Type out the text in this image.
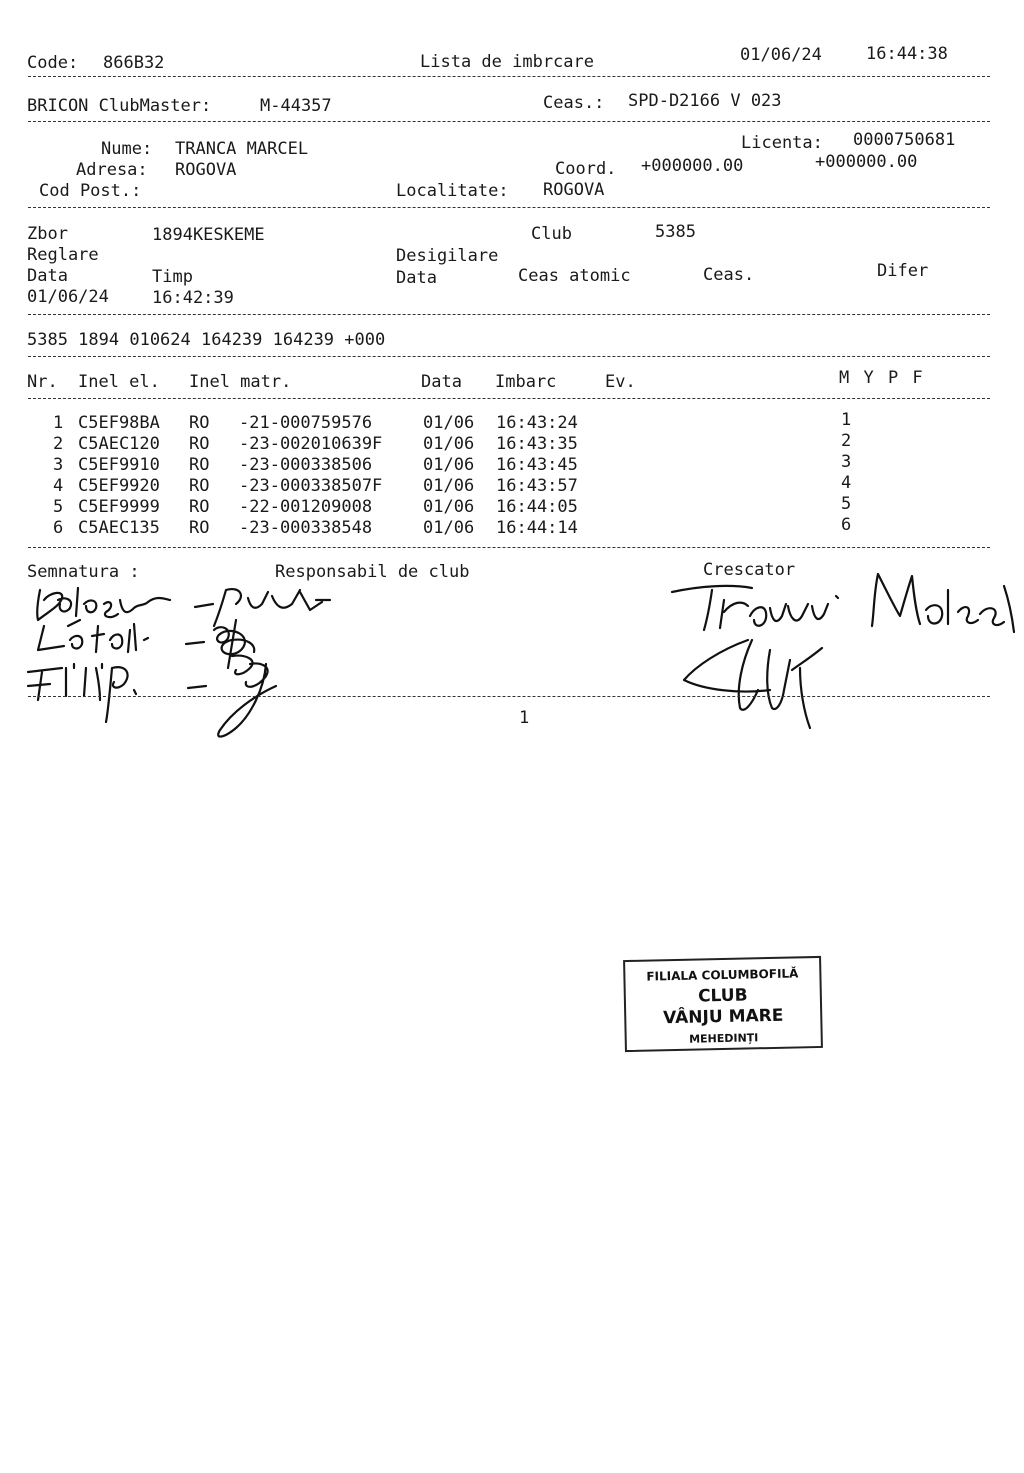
Code: 866B32	Lista de imbrcare	01/06/24	16:44:38
BRICON ClubMaster:	M-44357	Ceas.: SPD-D2166 V 023
Nume: TRANCA MARCEL	Licenta: 0000750681
Adresa: ROGOVA	Coord. +000000.00	+000000.00
Cod Post.:	Localitate: ROGOVA
Zbor	1894KESKEME	Club	5385
Reglare	Desigilare
Data	Timp	Data	Ceas atomic	Ceas.	Difer
01/06/24	16:42:39
5385 1894 010624 164239 164239 +000
Nr. Inel el. Inel matr.	Data Imbarc	Ev.	M Y P F
1 C5EF98BA RO -21-000759576	01/06 16:43:24	1
2 C5AEC120 RO -23-002010639F 01/06 16:43:35	2
3 C5EF9910 RO -23-000338506	01/06 16:43:45	3
4 C5EF9920 RO -23-000338507F 01/06 16:43:57	4
5 C5EF9999 RO -22-001209008	01/06 16:44:05	5
6 C5AEC135 RO -23-000338548	01/06 16:44:14	6
Semnatura :	Responsabil de club	Crescator
1
FILIALA COLUMBOFILĂ
CLUB
VÂNJU MARE
MEHEDINȚI
